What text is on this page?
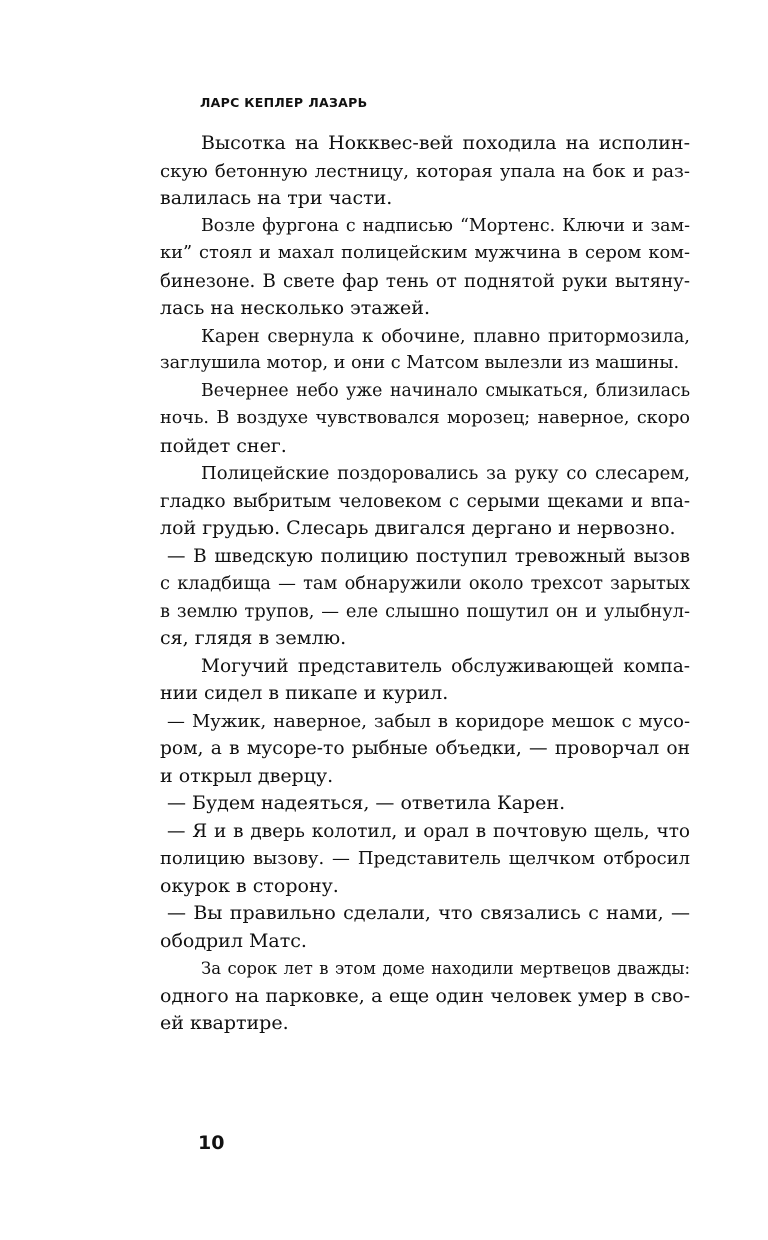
ЛАРС КЕПЛЕР ЛАЗАРЬ
Высотка на Нокквес-вей походила на исполин-
скую бетонную лестницу, которая упала на бок и раз-
валилась на три части.
Возле фургона с надписью “Мортенс. Ключи и зам-
ки” стоял и махал полицейским мужчина в сером ком-
бинезоне. В свете фар тень от поднятой руки вытяну-
лась на несколько этажей.
Карен свернула к обочине, плавно притормозила,
заглушила мотор, и они с Матсом вылезли из машины.
Вечернее небо уже начинало смыкаться, близилась
ночь. В воздухе чувствовался морозец; наверное, скоро
пойдет снег.
Полицейские поздоровались за руку со слесарем,
гладко выбритым человеком с серыми щеками и впа-
лой грудью. Слесарь двигался дергано и нервозно.
— В шведскую полицию поступил тревожный вызов
с кладбища — там обнаружили около трехсот зарытых
в землю трупов, — еле слышно пошутил он и улыбнул-
ся, глядя в землю.
Могучий представитель обслуживающей компа-
нии сидел в пикапе и курил.
— Мужик, наверное, забыл в коридоре мешок с мусо-
ром, а в мусоре-то рыбные объедки, — проворчал он
и открыл дверцу.
— Будем надеяться, — ответила Карен.
— Я и в дверь колотил, и орал в почтовую щель, что
полицию вызову. — Представитель щелчком отбросил
окурок в сторону.
— Вы правильно сделали, что связались с нами, —
ободрил Матс.
За сорок лет в этом доме находили мертвецов дважды:
одного на парковке, а еще один человек умер в сво-
ей квартире.
10
